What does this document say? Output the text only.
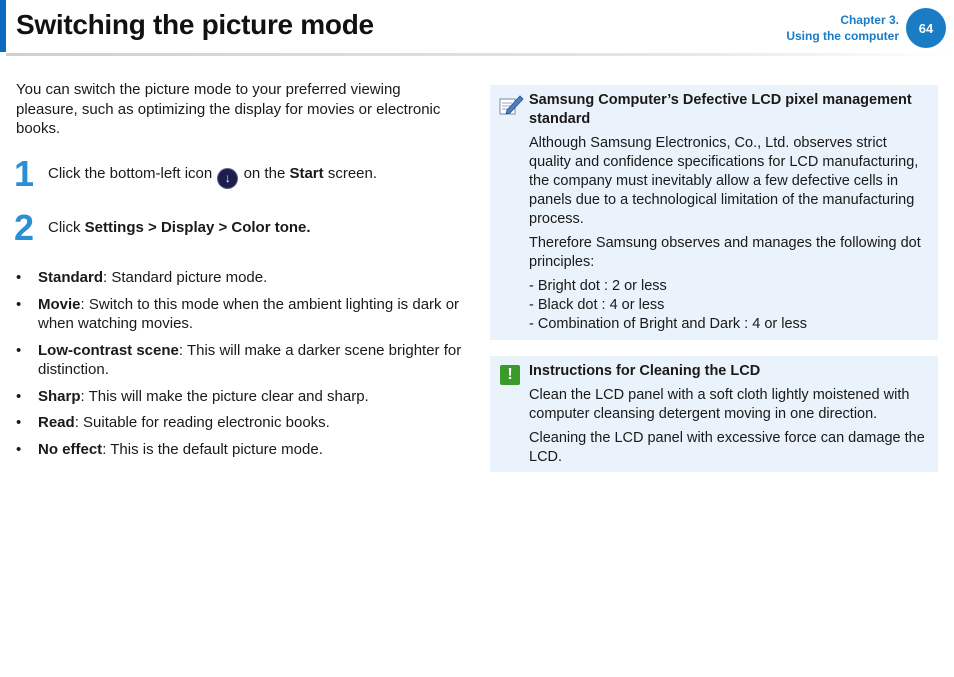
Switching the picture mode	Chapter 3.
Using the computer
64

You can switch the picture mode to your preferred viewing pleasure, such as optimizing the display for movies or electronic books.

1 Click the bottom-left icon ↓ on the Start screen.
2 Click Settings > Display > Color tone.
• Standard: Standard picture mode.
• Movie: Switch to this mode when the ambient lighting is dark or when watching movies.
• Low-contrast scene: This will make a darker scene brighter for distinction.
• Sharp: This will make the picture clear and sharp.
• Read: Suitable for reading electronic books.
• No effect: This is the default picture mode.

Samsung Computer’s Defective LCD pixel management standard

Although Samsung Electronics, Co., Ltd. observes strict quality and confidence specifications for LCD manufacturing, the company must inevitably allow a few defective cells in panels due to a technological limitation of the manufacturing process.

Therefore Samsung observes and manages the following dot principles:

- Bright dot : 2 or less

- Black dot : 4 or less

- Combination of Bright and Dark : 4 or less

!	Instructions for Cleaning the LCD

Clean the LCD panel with a soft cloth lightly moistened with computer cleansing detergent moving in one direction.

Cleaning the LCD panel with excessive force can damage the LCD.
